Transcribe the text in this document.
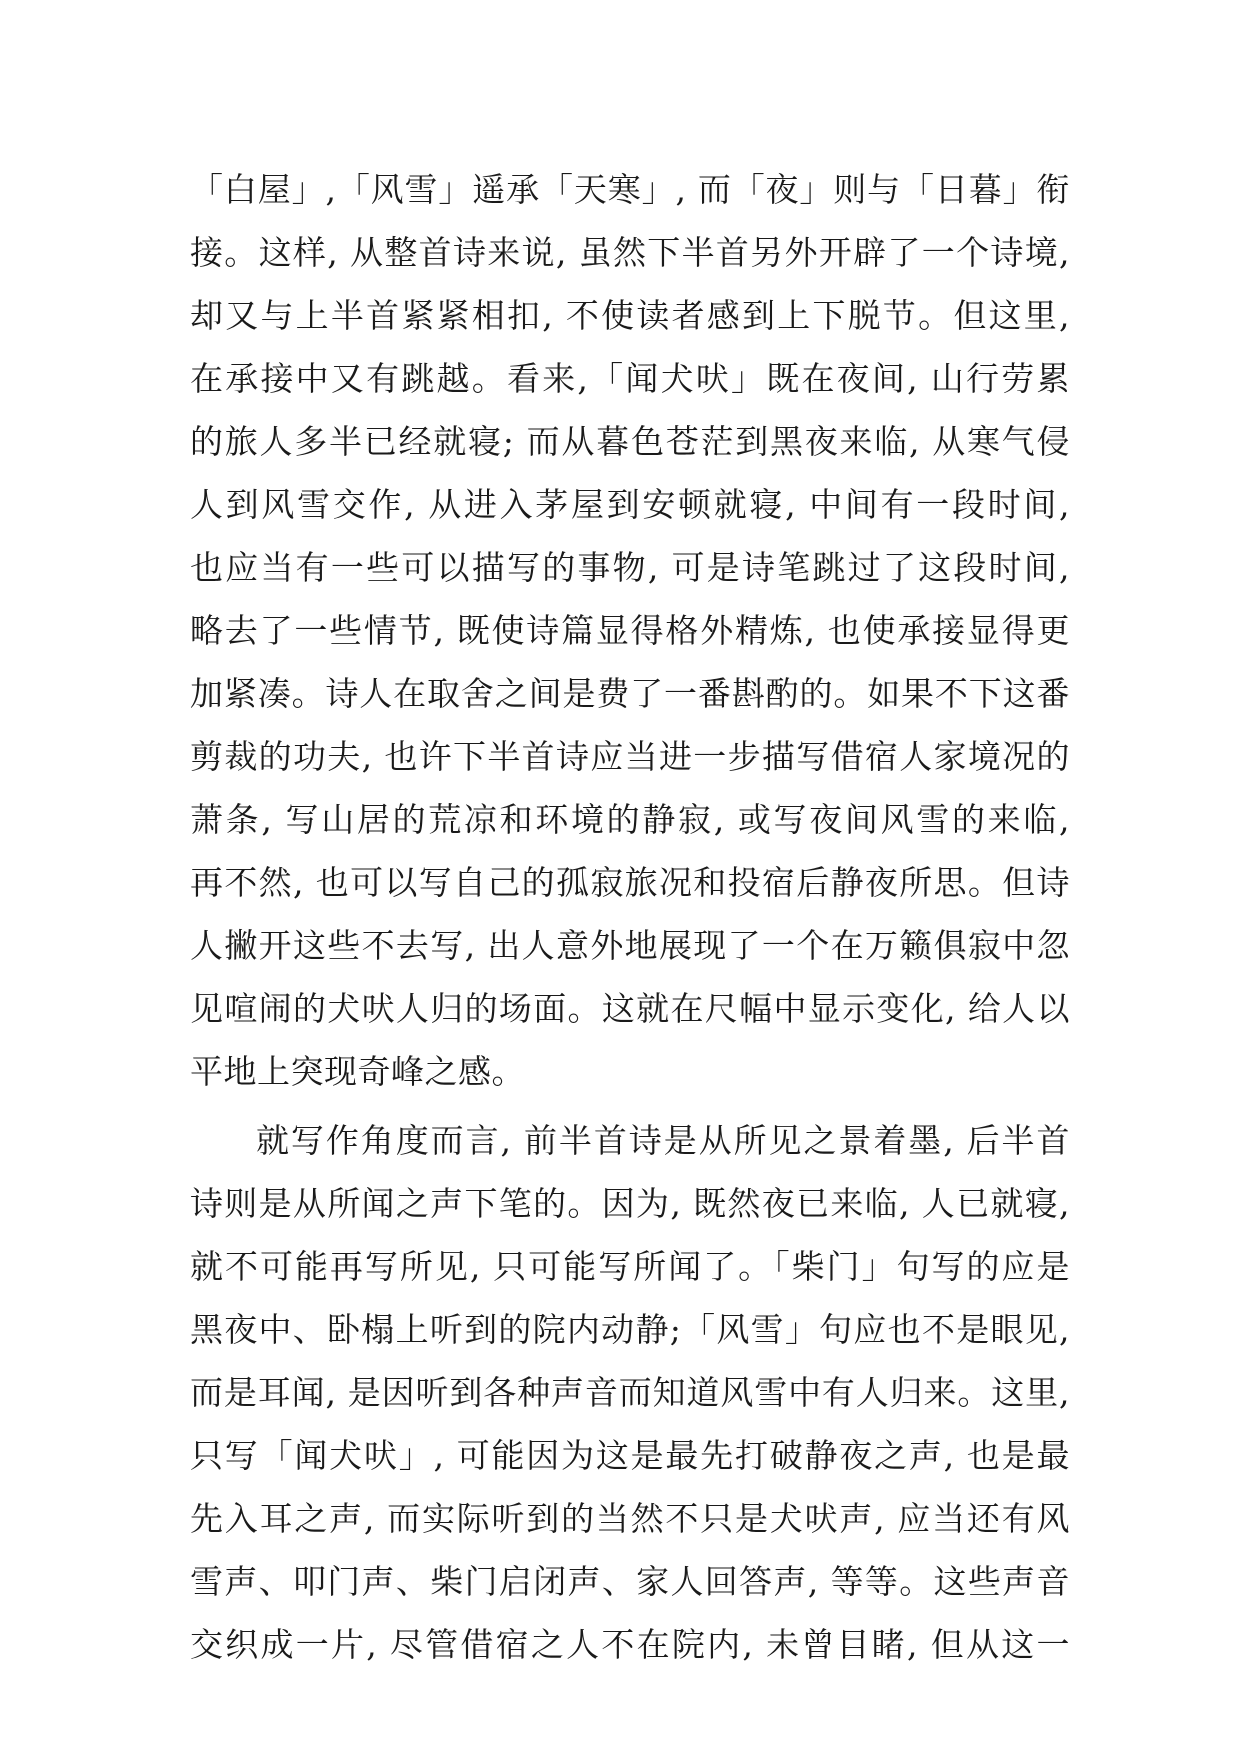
「白屋」,「风雪」遥承「天寒」, 而「夜」则与「日暮」衔
接。这样, 从整首诗来说, 虽然下半首另外开辟了一个诗境,
却又与上半首紧紧相扣, 不使读者感到上下脱节。但这里,
在承接中又有跳越。看来,「闻犬吠」既在夜间, 山行劳累
的旅人多半已经就寝; 而从暮色苍茫到黑夜来临, 从寒气侵
人到风雪交作, 从进入茅屋到安顿就寝, 中间有一段时间,
也应当有一些可以描写的事物, 可是诗笔跳过了这段时间,
略去了一些情节, 既使诗篇显得格外精炼, 也使承接显得更
加紧凑。诗人在取舍之间是费了一番斟酌的。如果不下这番
剪裁的功夫, 也许下半首诗应当进一步描写借宿人家境况的
萧条, 写山居的荒凉和环境的静寂, 或写夜间风雪的来临,
再不然, 也可以写自己的孤寂旅况和投宿后静夜所思。但诗
人撇开这些不去写, 出人意外地展现了一个在万籁俱寂中忽
见喧闹的犬吠人归的场面。这就在尺幅中显示变化, 给人以
平地上突现奇峰之感。
就写作角度而言, 前半首诗是从所见之景着墨, 后半首
诗则是从所闻之声下笔的。因为, 既然夜已来临, 人已就寝,
就不可能再写所见, 只可能写所闻了。「柴门」句写的应是
黑夜中、卧榻上听到的院内动静;「风雪」句应也不是眼见,
而是耳闻, 是因听到各种声音而知道风雪中有人归来。这里,
只写「闻犬吠」, 可能因为这是最先打破静夜之声, 也是最
先入耳之声, 而实际听到的当然不只是犬吠声, 应当还有风
雪声、叩门声、柴门启闭声、家人回答声, 等等。这些声音
交织成一片, 尽管借宿之人不在院内, 未曾目睹, 但从这一
